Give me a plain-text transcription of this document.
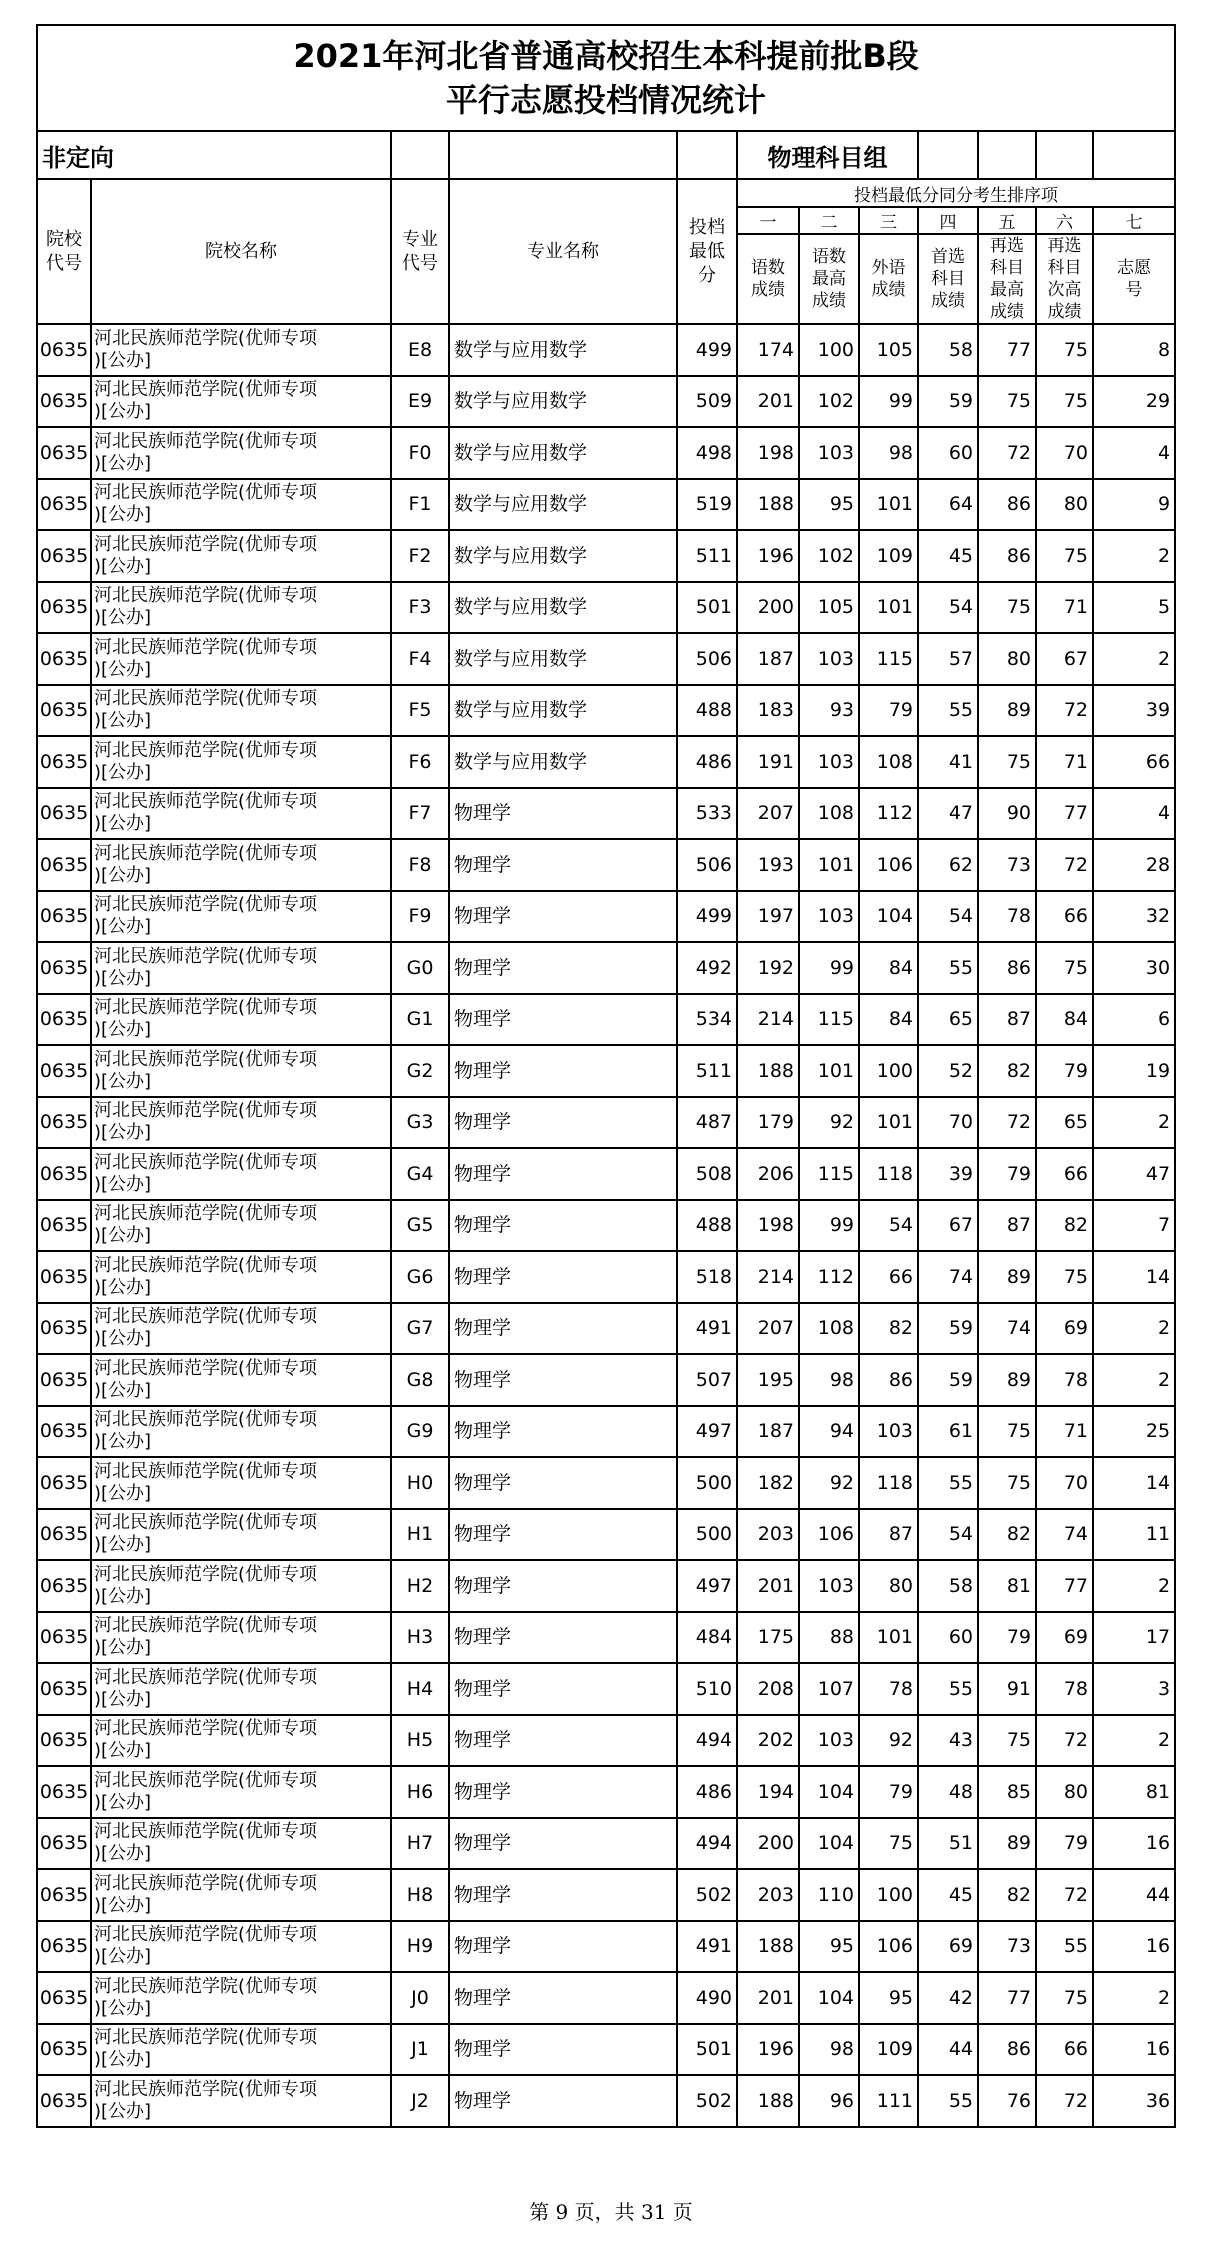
2021年河北省普通高校招生本科提前批B段
平行志愿投档情况统计											

非定向					物理科目组						

院校代号	院校名称	专业代号	专业名称	投档最低分	投档最低分同分考生排序项						
					一	二	三	四	五	六	七

					语数成绩	语数最高成绩	外语成绩	首选科目成绩	再选科目最高成绩	再选科目次高成绩	志愿号

0635	河北民族师范学院(优师专项
)[公办]	E8	数学与应用数学	499	174	100	105	58	77	75	8
0635	河北民族师范学院(优师专项
)[公办]	E9	数学与应用数学	509	201	102	99	59	75	75	29
0635	河北民族师范学院(优师专项
)[公办]	F0	数学与应用数学	498	198	103	98	60	72	70	4
0635	河北民族师范学院(优师专项
)[公办]	F1	数学与应用数学	519	188	95	101	64	86	80	9
0635	河北民族师范学院(优师专项
)[公办]	F2	数学与应用数学	511	196	102	109	45	86	75	2
0635	河北民族师范学院(优师专项
)[公办]	F3	数学与应用数学	501	200	105	101	54	75	71	5
0635	河北民族师范学院(优师专项
)[公办]	F4	数学与应用数学	506	187	103	115	57	80	67	2
0635	河北民族师范学院(优师专项
)[公办]	F5	数学与应用数学	488	183	93	79	55	89	72	39
0635	河北民族师范学院(优师专项
)[公办]	F6	数学与应用数学	486	191	103	108	41	75	71	66
0635	河北民族师范学院(优师专项
)[公办]	F7	物理学	533	207	108	112	47	90	77	4
0635	河北民族师范学院(优师专项
)[公办]	F8	物理学	506	193	101	106	62	73	72	28
0635	河北民族师范学院(优师专项
)[公办]	F9	物理学	499	197	103	104	54	78	66	32
0635	河北民族师范学院(优师专项
)[公办]	G0	物理学	492	192	99	84	55	86	75	30
0635	河北民族师范学院(优师专项
)[公办]	G1	物理学	534	214	115	84	65	87	84	6
0635	河北民族师范学院(优师专项
)[公办]	G2	物理学	511	188	101	100	52	82	79	19
0635	河北民族师范学院(优师专项
)[公办]	G3	物理学	487	179	92	101	70	72	65	2
0635	河北民族师范学院(优师专项
)[公办]	G4	物理学	508	206	115	118	39	79	66	47
0635	河北民族师范学院(优师专项
)[公办]	G5	物理学	488	198	99	54	67	87	82	7
0635	河北民族师范学院(优师专项
)[公办]	G6	物理学	518	214	112	66	74	89	75	14
0635	河北民族师范学院(优师专项
)[公办]	G7	物理学	491	207	108	82	59	74	69	2
0635	河北民族师范学院(优师专项
)[公办]	G8	物理学	507	195	98	86	59	89	78	2
0635	河北民族师范学院(优师专项
)[公办]	G9	物理学	497	187	94	103	61	75	71	25
0635	河北民族师范学院(优师专项
)[公办]	H0	物理学	500	182	92	118	55	75	70	14
0635	河北民族师范学院(优师专项
)[公办]	H1	物理学	500	203	106	87	54	82	74	11
0635	河北民族师范学院(优师专项
)[公办]	H2	物理学	497	201	103	80	58	81	77	2
0635	河北民族师范学院(优师专项
)[公办]	H3	物理学	484	175	88	101	60	79	69	17
0635	河北民族师范学院(优师专项
)[公办]	H4	物理学	510	208	107	78	55	91	78	3
0635	河北民族师范学院(优师专项
)[公办]	H5	物理学	494	202	103	92	43	75	72	2
0635	河北民族师范学院(优师专项
)[公办]	H6	物理学	486	194	104	79	48	85	80	81
0635	河北民族师范学院(优师专项
)[公办]	H7	物理学	494	200	104	75	51	89	79	16
0635	河北民族师范学院(优师专项
)[公办]	H8	物理学	502	203	110	100	45	82	72	44
0635	河北民族师范学院(优师专项
)[公办]	H9	物理学	491	188	95	106	69	73	55	16
0635	河北民族师范学院(优师专项
)[公办]	J0	物理学	490	201	104	95	42	77	75	2
0635	河北民族师范学院(优师专项
)[公办]	J1	物理学	501	196	98	109	44	86	66	16
0635	河北民族师范学院(优师专项
)[公办]	J2	物理学	502	188	96	111	55	76	72	36
第 9 页，共 31 页
